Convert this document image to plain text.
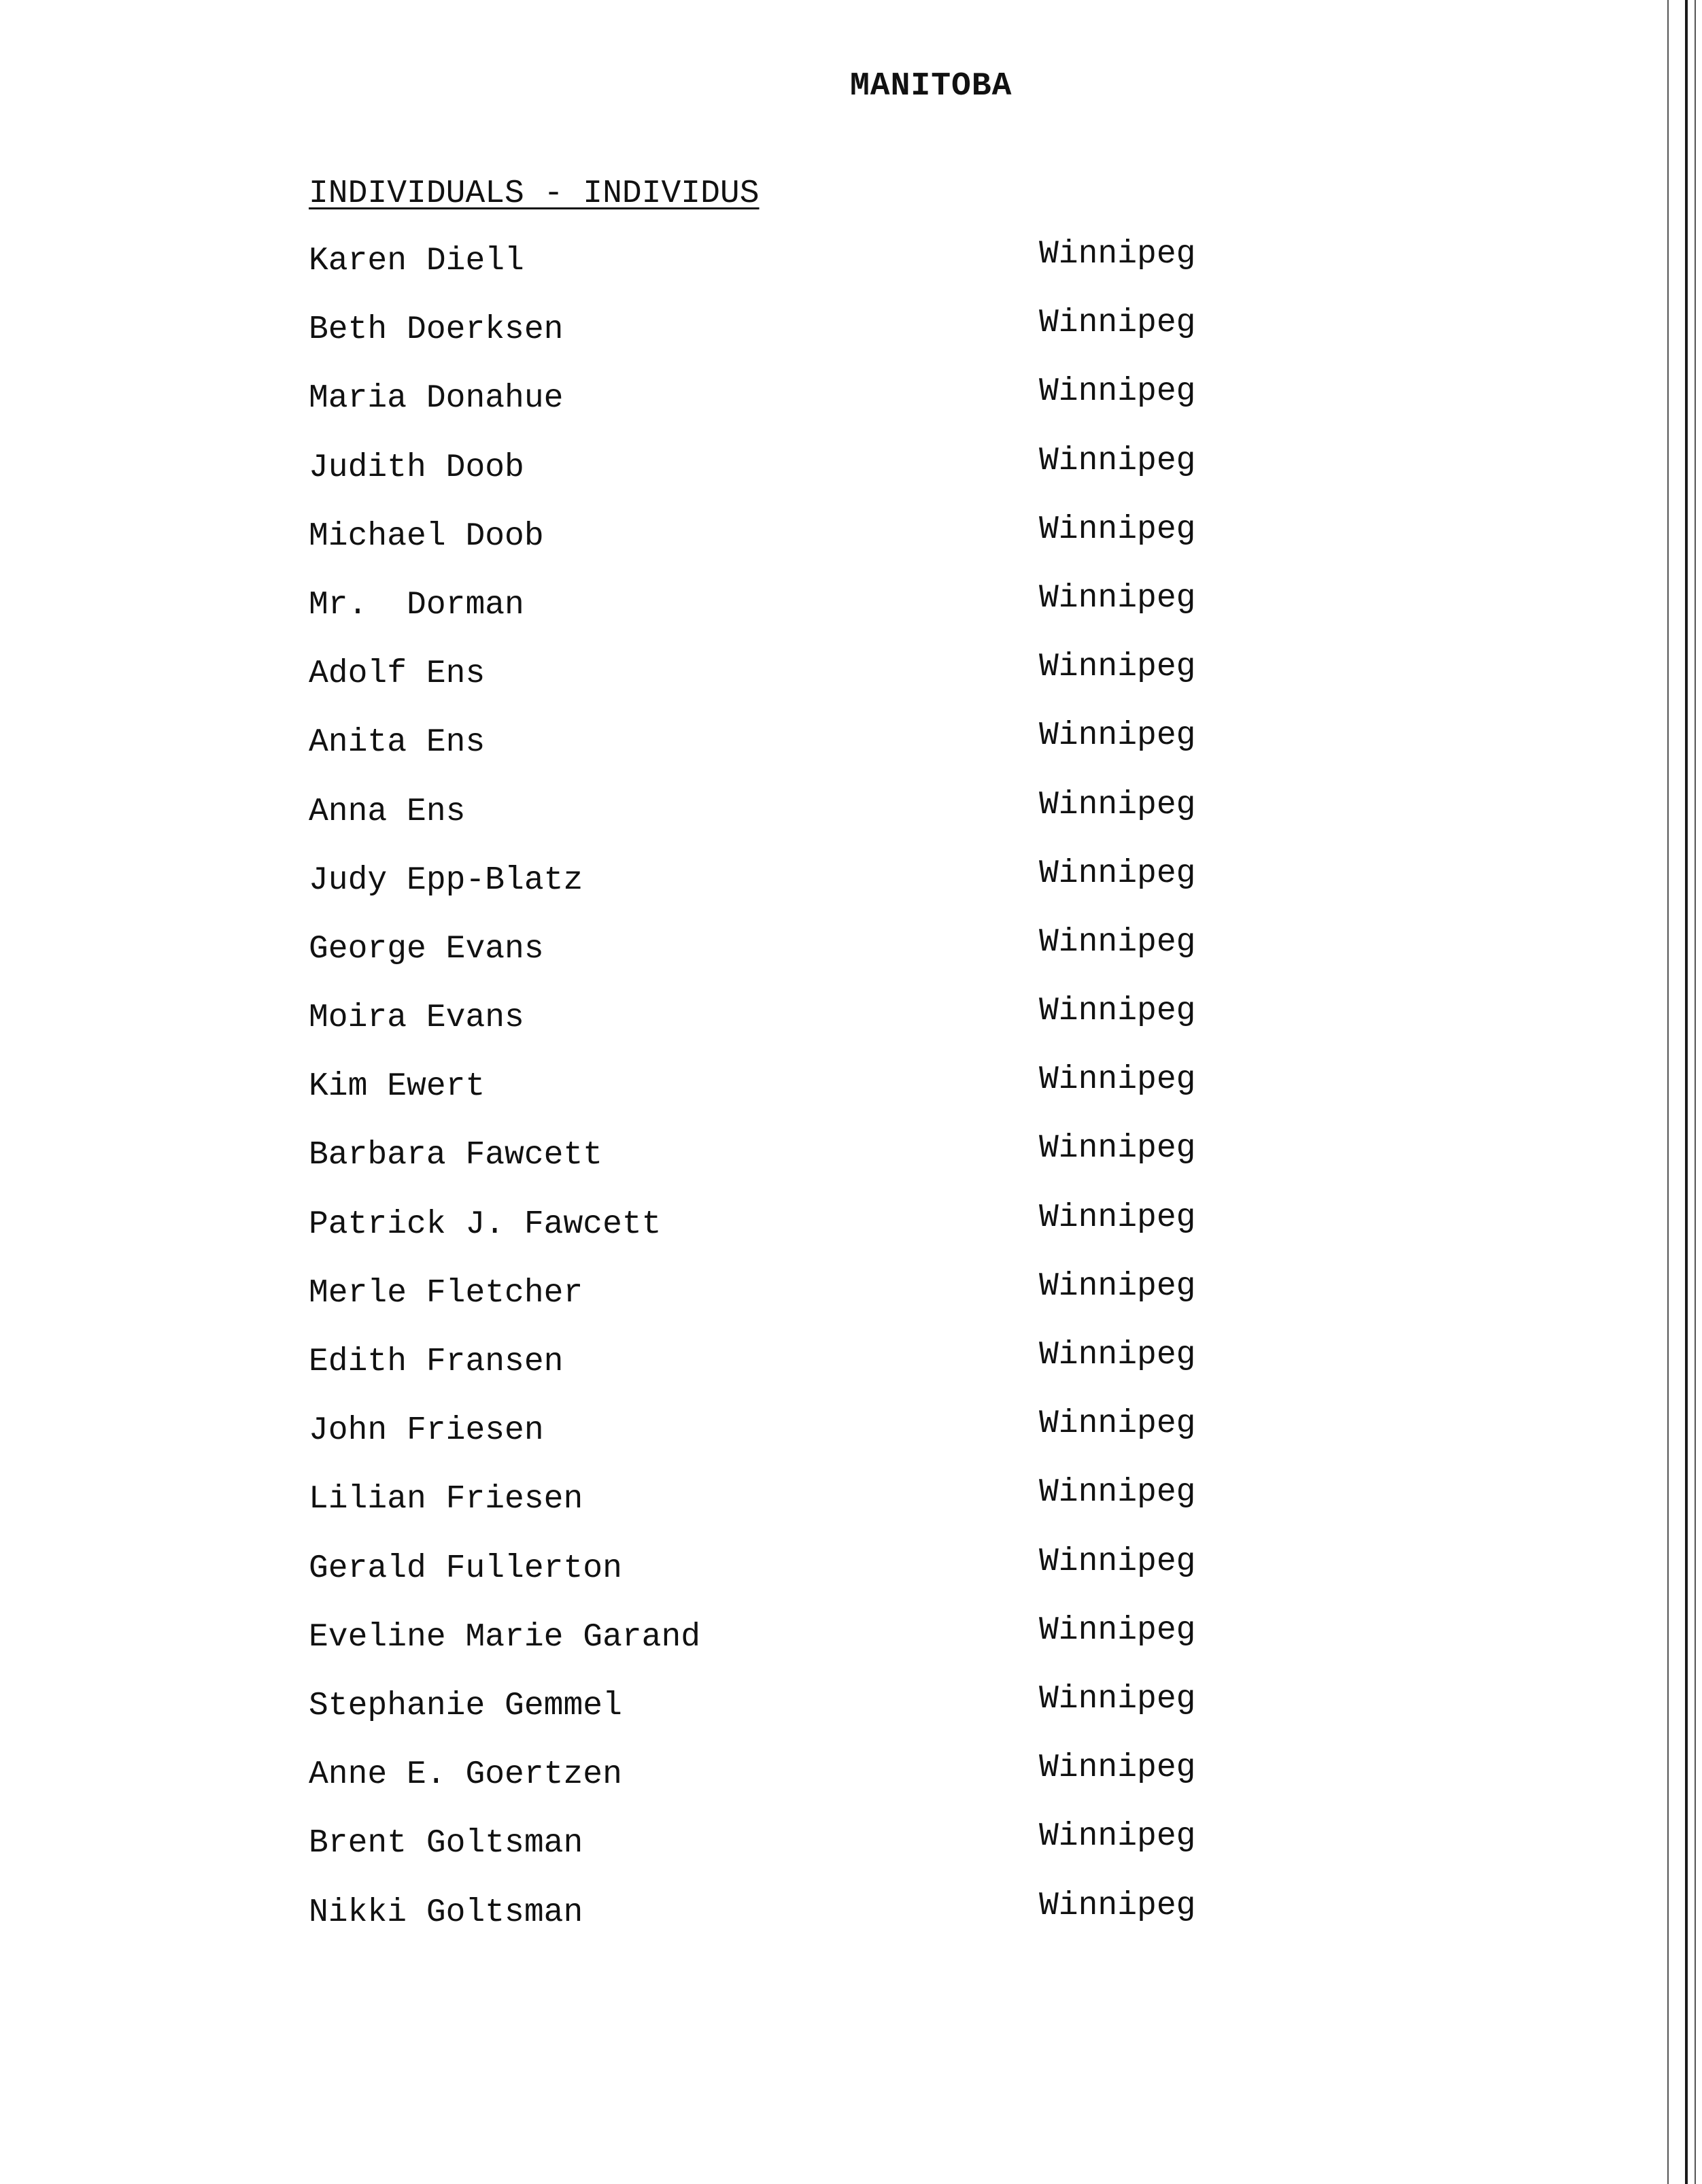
MANITOBA
INDIVIDUALS - INDIVIDUS
Karen Diell	Winnipeg
Beth Doerksen	Winnipeg
Maria Donahue	Winnipeg
Judith Doob	Winnipeg
Michael Doob	Winnipeg
Mr.  Dorman	Winnipeg
Adolf Ens	Winnipeg
Anita Ens	Winnipeg
Anna Ens	Winnipeg
Judy Epp-Blatz	Winnipeg
George Evans	Winnipeg
Moira Evans	Winnipeg
Kim Ewert	Winnipeg
Barbara Fawcett	Winnipeg
Patrick J. Fawcett	Winnipeg
Merle Fletcher	Winnipeg
Edith Fransen	Winnipeg
John Friesen	Winnipeg
Lilian Friesen	Winnipeg
Gerald Fullerton	Winnipeg
Eveline Marie Garand	Winnipeg
Stephanie Gemmel	Winnipeg
Anne E. Goertzen	Winnipeg
Brent Goltsman	Winnipeg
Nikki Goltsman	Winnipeg
